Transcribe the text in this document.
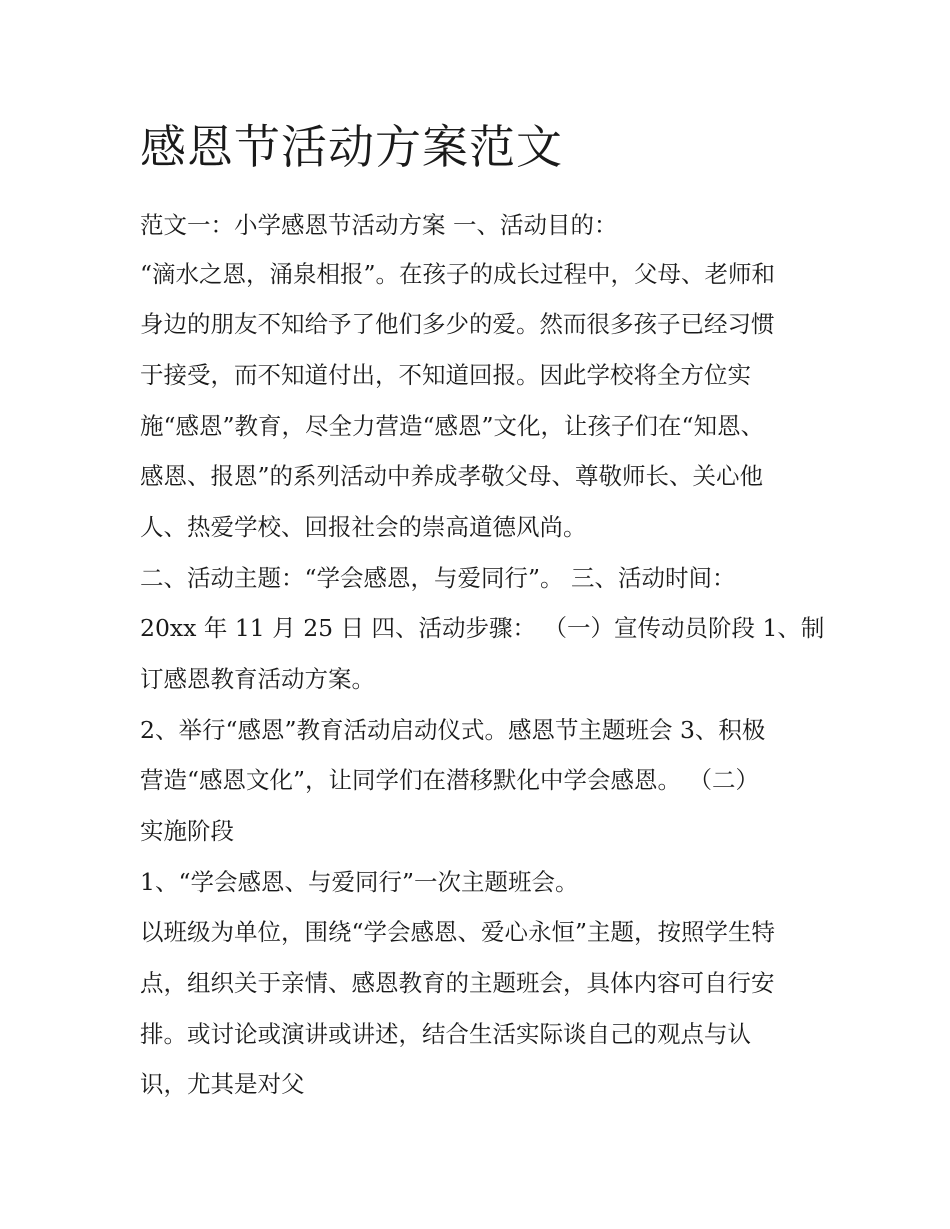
感恩节活动方案范文

范文一：小学感恩节活动方案 一、活动目的：

“滴水之恩，涌泉相报”。在孩子的成长过程中，父母、老师和

身边的朋友不知给予了他们多少的爱。然而很多孩子已经习惯

于接受，而不知道付出，不知道回报。因此学校将全方位实

施“感恩”教育，尽全力营造“感恩”文化，让孩子们在“知恩、

感恩、报恩”的系列活动中养成孝敬父母、尊敬师长、关心他

人、热爱学校、回报社会的崇高道德风尚。

二、活动主题：“学会感恩，与爱同行”。 三、活动时间：

20xx 年 11 月 25 日 四、活动步骤： （一）宣传动员阶段 1、制

订感恩教育活动方案。

2、举行“感恩”教育活动启动仪式。感恩节主题班会 3、积极

营造“感恩文化”，让同学们在潜移默化中学会感恩。 （二）

实施阶段

1、“学会感恩、与爱同行”一次主题班会。

以班级为单位，围绕“学会感恩、爱心永恒”主题，按照学生特

点，组织关于亲情、感恩教育的主题班会，具体内容可自行安

排。或讨论或演讲或讲述，结合生活实际谈自己的观点与认

识，尤其是对父
